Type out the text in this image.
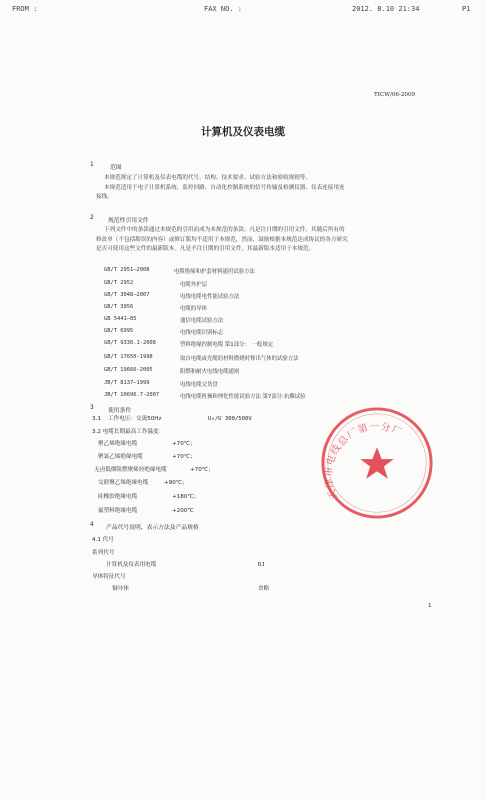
FROM :	FAX NO. :	2012. 8.10 21:34	P1
TICW/06-2009
计算机及仪表电缆
1	范围
本规范规定了计算机及仪表电缆的代号、结构、技术要求、试验方法和验收规则等。
本规范适用于电子计算机系统、监控回路、自动化控制系统的信号传输及检测仪器、仪表连接用连
接线。
2 规范性引用文件
下列文件中的条款通过本规范的引用而成为本规范的条款。凡是注日期的引用文件，其随后所有的
修改单（不包括勘误的内容）或修订版均不适用于本规范，然而，鼓励根据本规范达成协议的各方研究
是否可使用这些文件的最新版本。凡是不注日期的引用文件，其最新版本适用于本规范。
GB/T 2951—2008	电缆绝缘和护套材料通用试验方法
GB/T 2952	电缆外护层
GB/T 3048—2007	电线电缆电性能试验方法
GB/T 3956	电缆的导体
GB 5441—85	通信电缆试验方法
GB/T 6995	电线电缆识别标志
GB/T 9330.1-2008	塑料绝缘控制电缆 第1部分： 一般规定
GB/T 17650-1998	取自电缆或光缆的材料燃烧时释出气体的试验方法
GB/T 19666-2005	阻燃和耐火电线电缆通则
JB/T 8137—1999	电线电缆交货盘
JB/T 10696.7-2007	电线电缆机械和理化性能试验方法 第7部分:抗撕试验
3 使用条件
3.1 工作电压：交流50Hz	U₀/U 300/500V
3.2 电缆长期最高工作温度：
聚乙烯绝缘电缆	+70℃；
聚氯乙烯绝缘电缆	+70℃；
无卤低烟阻燃聚烯烃绝缘电缆	+70℃；
交联聚乙烯绝缘电缆	+90℃；
硅橡胶绝缘电缆	+180℃；
氟塑料绝缘电缆	+200℃
4 产品代号说明、表示方法及产品规格
4.1 代号
系列代号
计算机及仪表用电缆	DJ
导体特征代号
铜导体	省略
1
天津市电线总厂第一分厂
